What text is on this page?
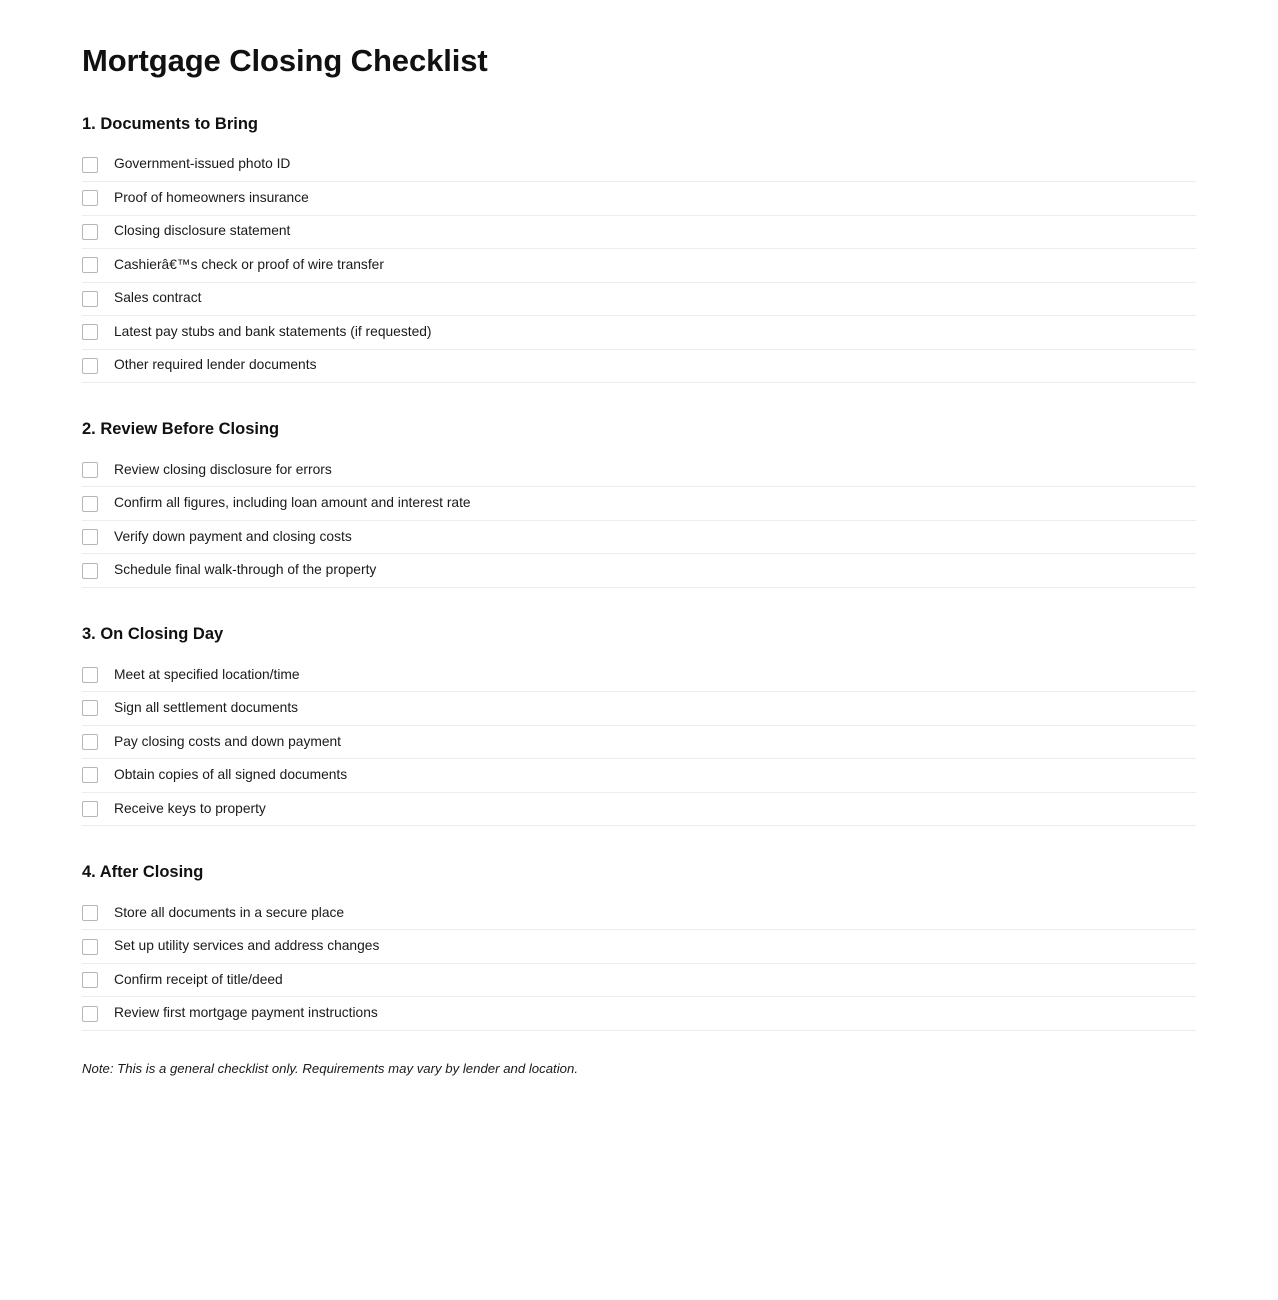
Mortgage Closing Checklist
1. Documents to Bring
Government-issued photo ID
Proof of homeowners insurance
Closing disclosure statement
Cashierâ€™s check or proof of wire transfer
Sales contract
Latest pay stubs and bank statements (if requested)
Other required lender documents
2. Review Before Closing
Review closing disclosure for errors
Confirm all figures, including loan amount and interest rate
Verify down payment and closing costs
Schedule final walk-through of the property
3. On Closing Day
Meet at specified location/time
Sign all settlement documents
Pay closing costs and down payment
Obtain copies of all signed documents
Receive keys to property
4. After Closing
Store all documents in a secure place
Set up utility services and address changes
Confirm receipt of title/deed
Review first mortgage payment instructions

Note: This is a general checklist only. Requirements may vary by lender and location.
